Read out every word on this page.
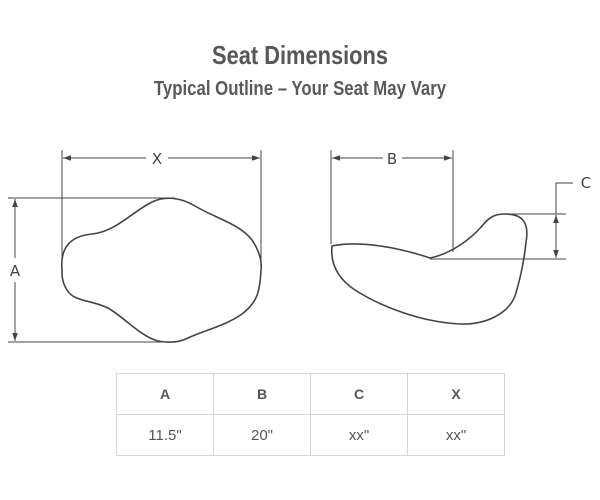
Seat Dimensions
Typical Outline – Your Seat May Vary
X
A
B
C
A	B	C	X
11.5"	20"	xx"	xx"
